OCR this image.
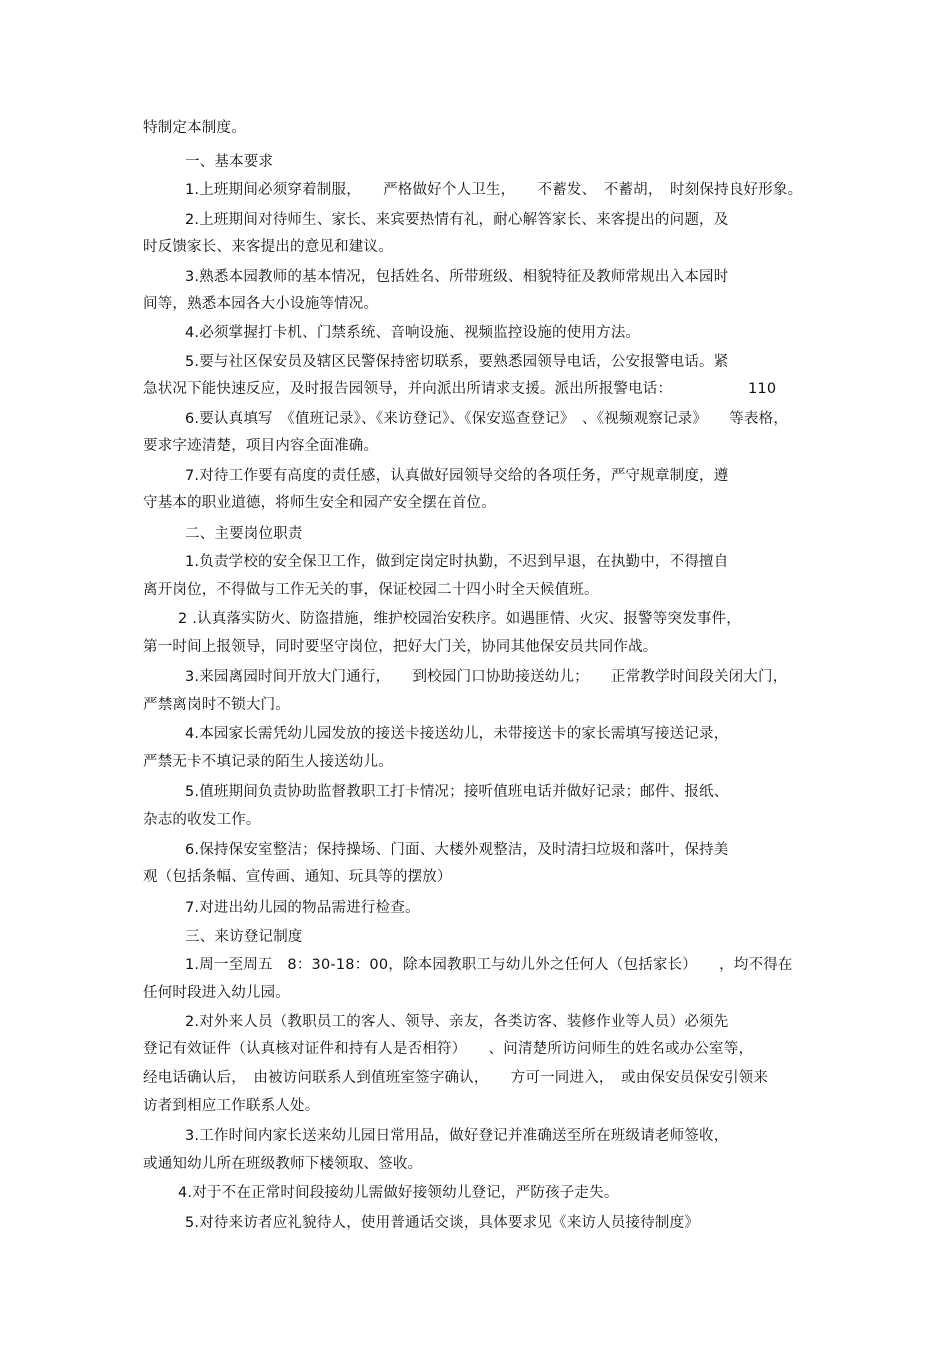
特制定本制度。
一、基本要求
1.上班期间必须穿着制服，　　严格做好个人卫生，　　不蓄发、　不蓄胡，　时刻保持良好形象。
2.上班期间对待师生、家长、来宾要热情有礼，耐心解答家长、来客提出的问题，及
时反馈家长、来客提出的意见和建议。
3.熟悉本园教师的基本情况，包括姓名、所带班级、相貌特征及教师常规出入本园时
间等，熟悉本园各大小设施等情况。
4.必须掌握打卡机、门禁系统、音响设施、视频监控设施的使用方法。
5.要与社区保安员及辖区民警保持密切联系，要熟悉园领导电话，公安报警电话。紧
急状况下能快速反应，及时报告园领导，并向派出所请求支援。派出所报警电话：	110
6.要认真填写　《值班记录》、《来访登记》、《保安巡查登记》　、《视频观察记录》　　等表格，
要求字迹清楚，项目内容全面准确。
7.对待工作要有高度的责任感，认真做好园领导交给的各项任务，严守规章制度，遵
守基本的职业道德，将师生安全和园产安全摆在首位。
二、主要岗位职责
1.负责学校的安全保卫工作，做到定岗定时执勤，不迟到早退，在执勤中，不得擅自
离开岗位，不得做与工作无关的事，保证校园二十四小时全天候值班。
2 .认真落实防火、防盗措施，维护校园治安秩序。如遇匪情、火灾、报警等突发事件，
第一时间上报领导，同时要坚守岗位，把好大门关，协同其他保安员共同作战。
3.来园离园时间开放大门通行，　　到校园门口协助接送幼儿；　　正常教学时间段关闭大门，
严禁离岗时不锁大门。
4.本园家长需凭幼儿园发放的接送卡接送幼儿，未带接送卡的家长需填写接送记录，
严禁无卡不填记录的陌生人接送幼儿。
5.值班期间负责协助监督教职工打卡情况；接听值班电话并做好记录；邮件、报纸、
杂志的收发工作。
6.保持保安室整洁；保持操场、门面、大楼外观整洁，及时清扫垃圾和落叶，保持美
观（包括条幅、宣传画、通知、玩具等的摆放）
7.对进出幼儿园的物品需进行检查。
三、来访登记制度
1.周一至周五　8：30-18：00，除本园教职工与幼儿外之任何人（包括家长）　　，均不得在
任何时段进入幼儿园。
2.对外来人员（教职员工的客人、领导、亲友，各类访客、装修作业等人员）必须先
登记有效证件（认真核对证件和持有人是否相符）　　、问清楚所访问师生的姓名或办公室等，
经电话确认后，　由被访问联系人到值班室签字确认，　　方可一同进入，　或由保安员保安引领来
访者到相应工作联系人处。
3.工作时间内家长送来幼儿园日常用品，做好登记并准确送至所在班级请老师签收，
或通知幼儿所在班级教师下楼领取、签收。
4.对于不在正常时间段接幼儿需做好接领幼儿登记，严防孩子走失。
5.对待来访者应礼貌待人，使用普通话交谈，具体要求见《来访人员接待制度》
